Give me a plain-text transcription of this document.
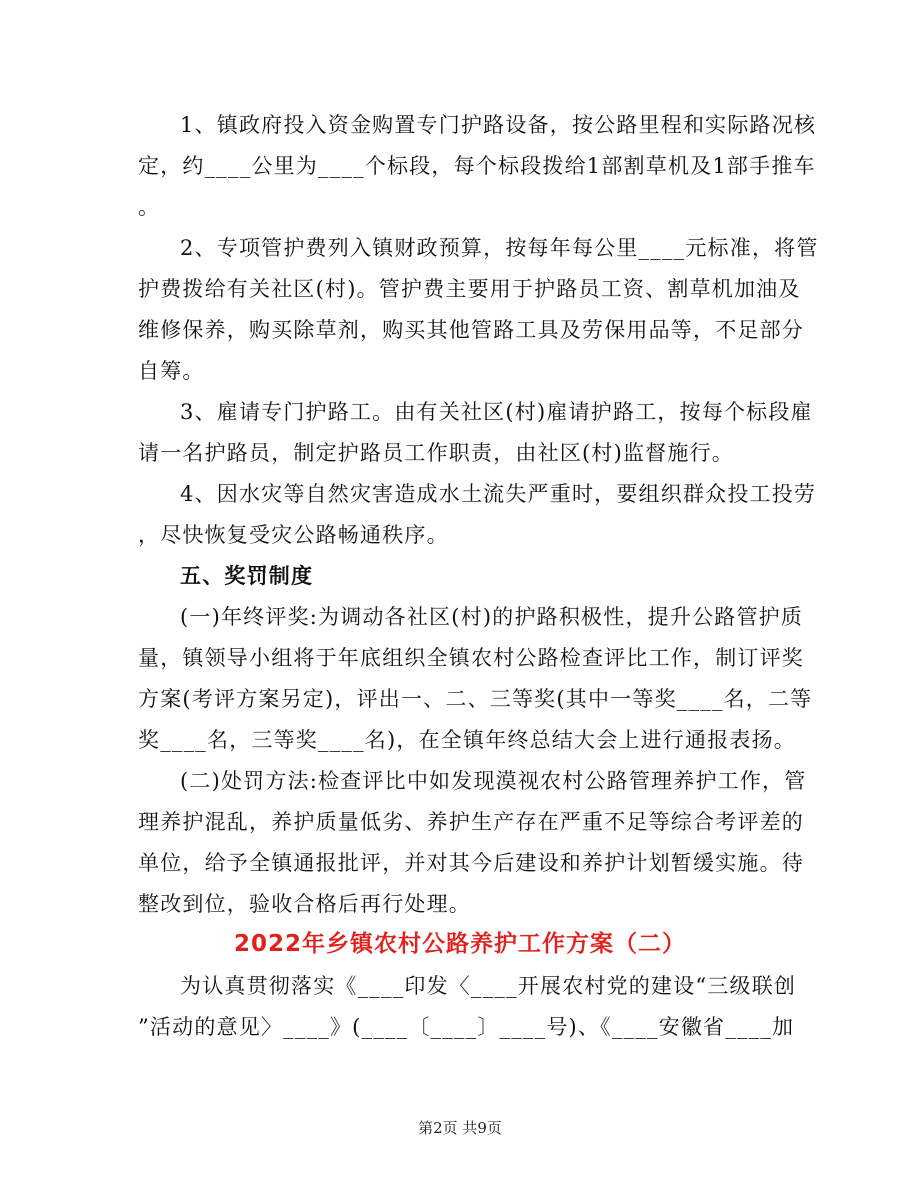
1、镇政府投入资金购置专门护路设备，按公路里程和实际路况核
定，约____公里为____个标段，每个标段拨给1部割草机及1部手推车
。
2、专项管护费列入镇财政预算，按每年每公里____元标准，将管
护费拨给有关社区(村)。管护费主要用于护路员工资、割草机加油及
维修保养，购买除草剂，购买其他管路工具及劳保用品等，不足部分
自筹。
3、雇请专门护路工。由有关社区(村)雇请护路工，按每个标段雇
请一名护路员，制定护路员工作职责，由社区(村)监督施行。
4、因水灾等自然灾害造成水土流失严重时，要组织群众投工投劳
，尽快恢复受灾公路畅通秩序。
五、奖罚制度
(一)年终评奖:为调动各社区(村)的护路积极性，提升公路管护质
量，镇领导小组将于年底组织全镇农村公路检查评比工作，制订评奖
方案(考评方案另定)，评出一、二、三等奖(其中一等奖____名，二等
奖____名，三等奖____名)，在全镇年终总结大会上进行通报表扬。
(二)处罚方法:检查评比中如发现漠视农村公路管理养护工作，管
理养护混乱，养护质量低劣、养护生产存在严重不足等综合考评差的
单位，给予全镇通报批评，并对其今后建设和养护计划暂缓实施。待
整改到位，验收合格后再行处理。
2022年乡镇农村公路养护工作方案（二）
为认真贯彻落实《____印发〈____开展农村党的建设“三级联创
”活动的意见〉____》(____〔____〕____号)、《____安徽省____加
第2页 共9页
